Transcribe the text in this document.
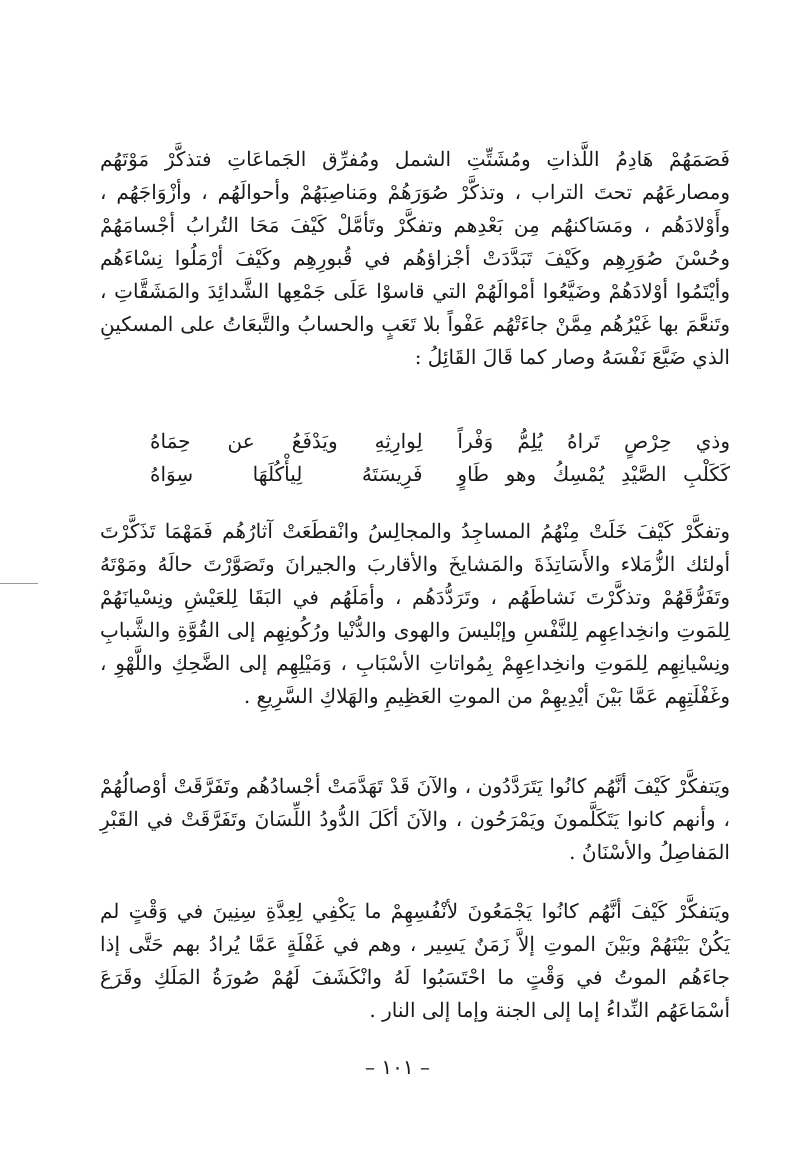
فَصَمَهُمْ هَادِمُ اللَّذاتِ ومُشَتِّتِ الشمل ومُفرِّق الجَماعَاتِ فتذكَّرْ مَوْتَهُم ومصارعَهُم تحتَ التراب ، وتذكَّرْ صُوَرَهُمْ ومَناصِبَهُمْ وأحوالَهُم ، وأزْوَاجَهُم ، وأَوْلادَهُم ، ومَسَاكنهُم مِن بَعْدِهم وتفكَّرْ وتَأمَّلْ كَيْفَ مَحَا التُرابُ أجْسامَهُمْ وحُسْنَ صُوَرِهِم وكَيْفَ تَبَدَّدَتْ أجْزاؤهُم في قُبورِهِم وكَيْفَ أرْمَلُوا نِسْاءَهُم وأيْتَمُوا أوْلادَهُمْ وضَيَّعُوا أمْوالَهُمْ التي قاسوْا عَلَى جَمْعِها الشَّدائِدَ والمَشَقَّاتِ ، وتَنعَّمَ بها غَيْرُهُم مِمَّنْ جاءَتْهُم عَفْواً بلا تَعَبٍ والحسابُ والتَّبعَاتُ على المسكينِ الذي ضَيَّعَ نَفْسَهُ وصار كما قَالَ القَائِلُ :
وذي حِرْصٍ تَراهُ يُلِمُّ وَفْراً
لِوارِثِهِ ويَدْفَعُ عن حِمَاهُ
كَكَلْبِ الصَّيْدِ يُمْسِكُ وهو طَاوٍ
فَرِيسَتَهُ لِيأْكُلَهَا سِوَاهُ
وتفكَّرْ كَيْفَ خَلَتْ مِنْهُمُ المساجِدُ والمجالِسُ وانْقطَعَتْ آثارُهُم فَمَهْمَا تَذَكَّرْتَ أولئك الزُّمَلاء والأَسَاتِذَةَ والمَشايخَ والأقاربَ والجيرانَ وتَصَوَّرْتَ حالَهُ ومَوْتَهُ وتَفَرُّقَهُمْ وتذكَّرْتَ نَشاطَهُم ، وتَرَدُّدَهُم ، وأمَلَهُم في البَقَا لِلعَيْشِ ونِسْيانَهُمْ لِلمَوتِ وانخِداعِهِم لِلنَّفْسِ وإبْليسَ والهوى والدُّنْيا ورُكُونِهِم إلى القُوَّةِ والشَّبابِ ونِسْيانِهِم لِلمَوتِ وانخِداعِهِمْ بِمُواتاتِ الأسْبَابِ ، وَمَيْلِهِم إلى الضَّحِكِ واللَّهْوِ ، وغَفْلَتِهِم عَمَّا بَيْنَ أيْدِيهِمْ من الموتِ العَظِيمِ والهَلاكِ السَّرِيعِ .
ويَتفكَّرْ كَيْفَ أنَّهُم كانُوا يَتَرَدَّدُون ، والآنَ قَدْ تَهَدَّمَتْ أجْسادُهُم وتَفَرَّقَتْ أوْصالُهُمْ ، وأنهم كانوا يَتَكَلَّمونَ ويَمْرَحُون ، والآنَ أكَلَ الدُّودُ اللِّسَانَ وتَفَرَّقَتْ في القَبْرِ المَفاصِلُ والأسْنَانُ .
ويَتفكَّرْ كَيْفَ أنَّهُم كانُوا يَجْمَعُونَ لأنْفُسِهِمْ ما يَكْفِي لِعِدَّةِ سِنِينَ في وَقْتٍ لم يَكُنْ بَيْنَهُمْ وبَيْنَ الموتِ إلاَّ زَمَنٌ يَسِير ، وهم في غَفْلَةٍ عَمَّا يُرادُ بهم حَتَّى إذا جاءَهُم الموتُ في وَقْتٍ ما احْتَسَبُوا لَهُ وانْكَشَفَ لَهُمْ صُورَةُ المَلَكِ وقَرَعَ أسْمَاعَهُم النِّداءُ إما إلى الجنة وإما إلى النار .
– ١٠١ –
